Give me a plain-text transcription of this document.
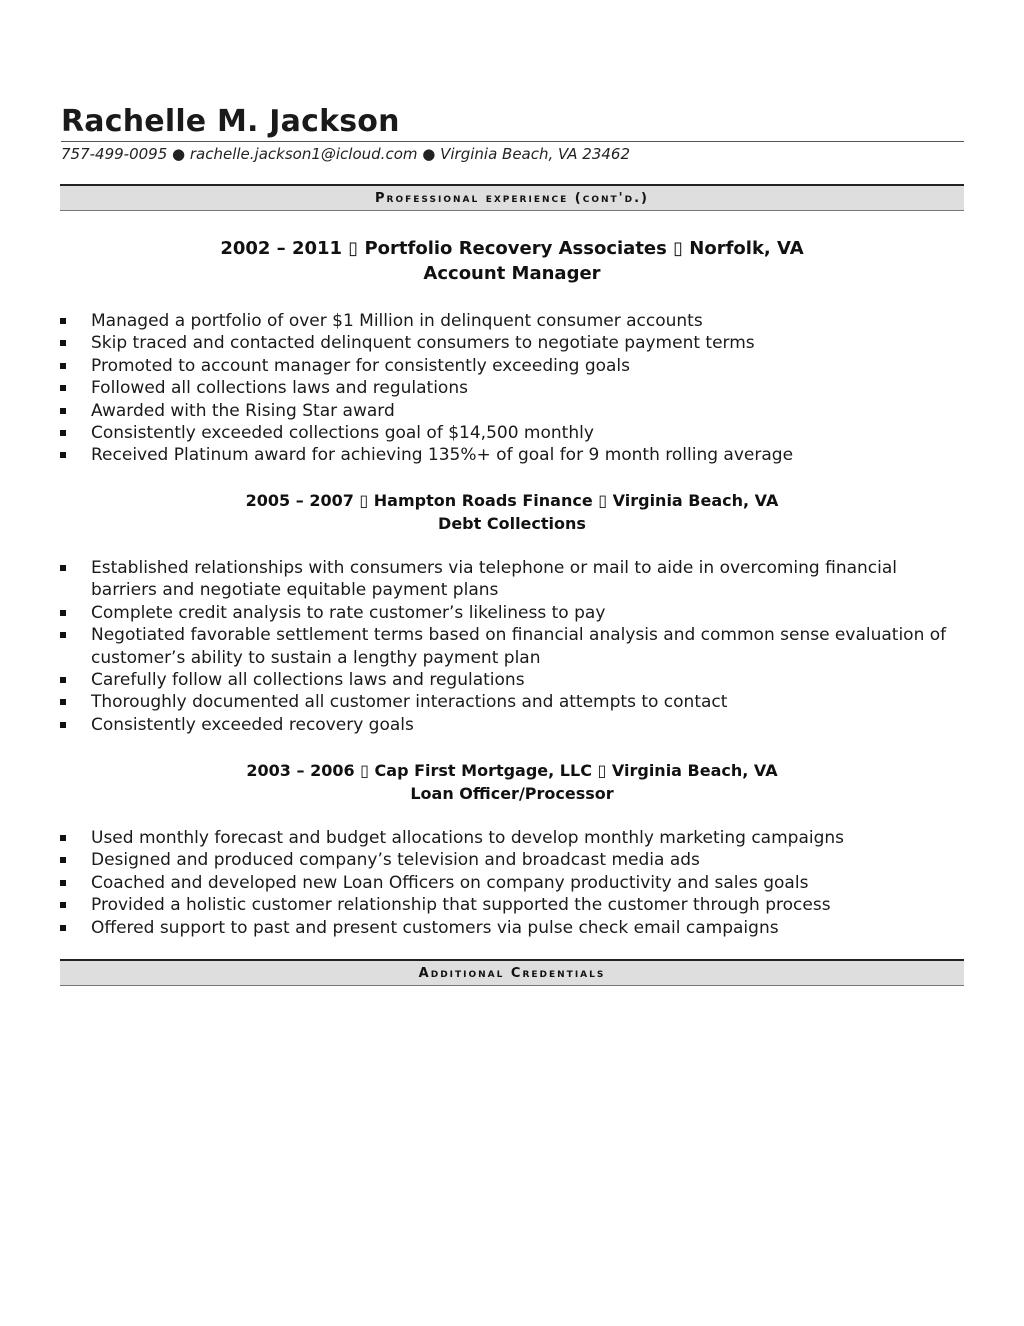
Rachelle M. Jackson
757-499-0095 ● rachelle.jackson1@icloud.com ● Virginia Beach, VA 23462
Professional experience (cont'd.)
2002 – 2011 ▯ Portfolio Recovery Associates ▯ Norfolk, VA
Account Manager
Managed a portfolio of over $1 Million in delinquent consumer accounts
Skip traced and contacted delinquent consumers to negotiate payment terms
Promoted to account manager for consistently exceeding goals
Followed all collections laws and regulations
Awarded with the Rising Star award
Consistently exceeded collections goal of $14,500 monthly
Received Platinum award for achieving 135%+ of goal for 9 month rolling average
2005 – 2007 ▯ Hampton Roads Finance ▯ Virginia Beach, VA
Debt Collections
Established relationships with consumers via telephone or mail to aide in overcoming financial barriers and negotiate equitable payment plans
Complete credit analysis to rate customer’s likeliness to pay
Negotiated favorable settlement terms based on financial analysis and common sense evaluation of customer’s ability to sustain a lengthy payment plan
Carefully follow all collections laws and regulations
Thoroughly documented all customer interactions and attempts to contact
Consistently exceeded recovery goals
2003 – 2006 ▯ Cap First Mortgage, LLC ▯ Virginia Beach, VA
Loan Officer/Processor
Used monthly forecast and budget allocations to develop monthly marketing campaigns
Designed and produced company’s television and broadcast media ads
Coached and developed new Loan Officers on company productivity and sales goals
Provided a holistic customer relationship that supported the customer through process
Offered support to past and present customers via pulse check email campaigns
Additional Credentials
